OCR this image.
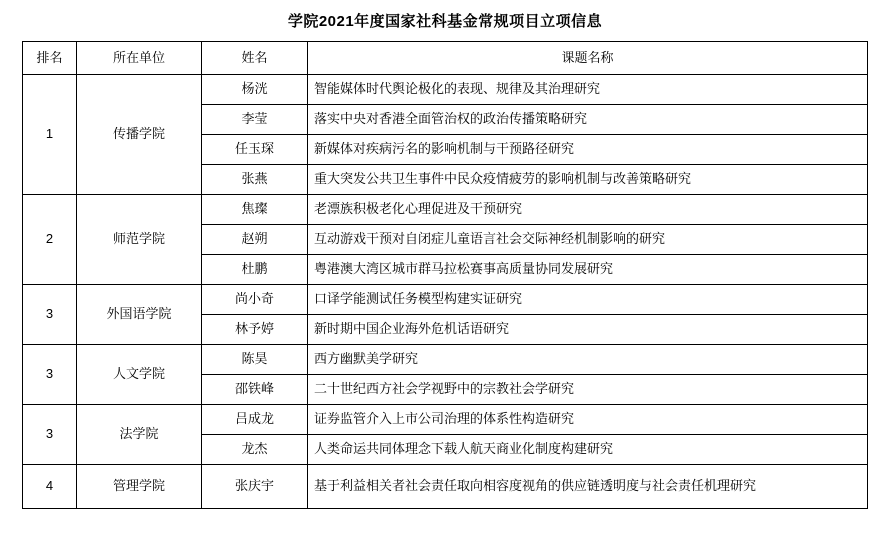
学院2021年度国家社科基金常规项目立项信息
排名	所在单位	姓名	课题名称
1	传播学院	杨洸	智能媒体时代舆论极化的表现、规律及其治理研究
		李莹	落实中央对香港全面管治权的政治传播策略研究
		任玉琛	新媒体对疾病污名的影响机制与干预路径研究
		张燕	重大突发公共卫生事件中民众疫情疲劳的影响机制与改善策略研究
2	师范学院	焦璨	老漂族积极老化心理促进及干预研究
		赵朔	互动游戏干预对自闭症儿童语言社会交际神经机制影响的研究
		杜鹏	粤港澳大湾区城市群马拉松赛事高质量协同发展研究
3	外国语学院	尚小奇	口译学能测试任务模型构建实证研究
		林予婷	新时期中国企业海外危机话语研究
3	人文学院	陈昊	西方幽默美学研究
		邵铁峰	二十世纪西方社会学视野中的宗教社会学研究
3	法学院	吕成龙	证券监管介入上市公司治理的体系性构造研究
		龙杰	人类命运共同体理念下载人航天商业化制度构建研究
4	管理学院	张庆宇	基于利益相关者社会责任取向相容度视角的供应链透明度与社会责任机理研究
